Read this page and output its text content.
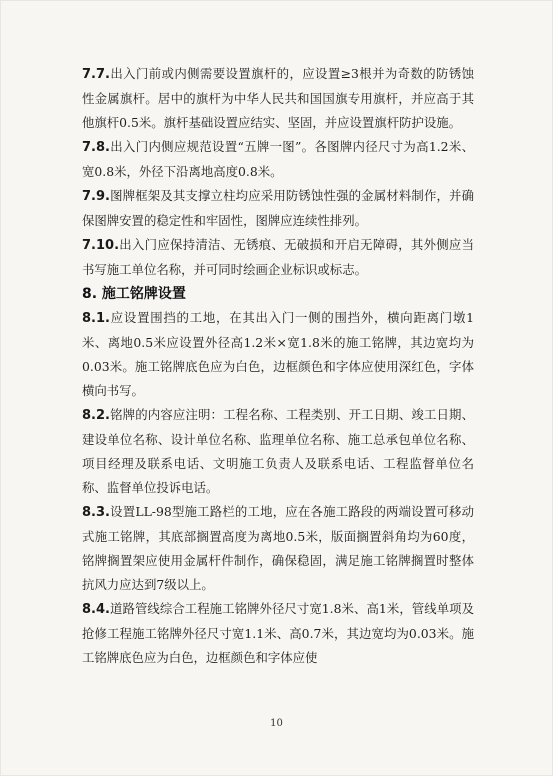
7.7.出入门前或内侧需要设置旗杆的，应设置≥3根并为奇数的防锈蚀性金属旗杆。居中的旗杆为中华人民共和国国旗专用旗杆，并应高于其他旗杆0.5米。旗杆基础设置应结实、坚固，并应设置旗杆防护设施。

7.8.出入门内侧应规范设置“五牌一图”。各图牌内径尺寸为高1.2米、宽0.8米，外径下沿离地高度0.8米。

7.9.图牌框架及其支撑立柱均应采用防锈蚀性强的金属材料制作，并确保图牌安置的稳定性和牢固性，图牌应连续性排列。

7.10.出入门应保持清洁、无锈痕、无破损和开启无障碍，其外侧应当书写施工单位名称，并可同时绘画企业标识或标志。

8. 施工铭牌设置

8.1.应设置围挡的工地，在其出入门一侧的围挡外，横向距离门墩1米、离地0.5米应设置外径高1.2米×宽1.8米的施工铭牌，其边宽均为0.03米。施工铭牌底色应为白色，边框颜色和字体应使用深红色，字体横向书写。

8.2.铭牌的内容应注明：工程名称、工程类别、开工日期、竣工日期、建设单位名称、设计单位名称、监理单位名称、施工总承包单位名称、项目经理及联系电话、文明施工负责人及联系电话、工程监督单位名称、监督单位投诉电话。

8.3.设置LL-98型施工路栏的工地，应在各施工路段的两端设置可移动式施工铭牌，其底部搁置高度为离地0.5米，版面搁置斜角均为60度，铭牌搁置架应使用金属杆件制作，确保稳固，满足施工铭牌搁置时整体抗风力应达到7级以上。

8.4.道路管线综合工程施工铭牌外径尺寸宽1.8米、高1米，管线单项及抢修工程施工铭牌外径尺寸宽1.1米、高0.7米，其边宽均为0.03米。施工铭牌底色应为白色，边框颜色和字体应使

10
